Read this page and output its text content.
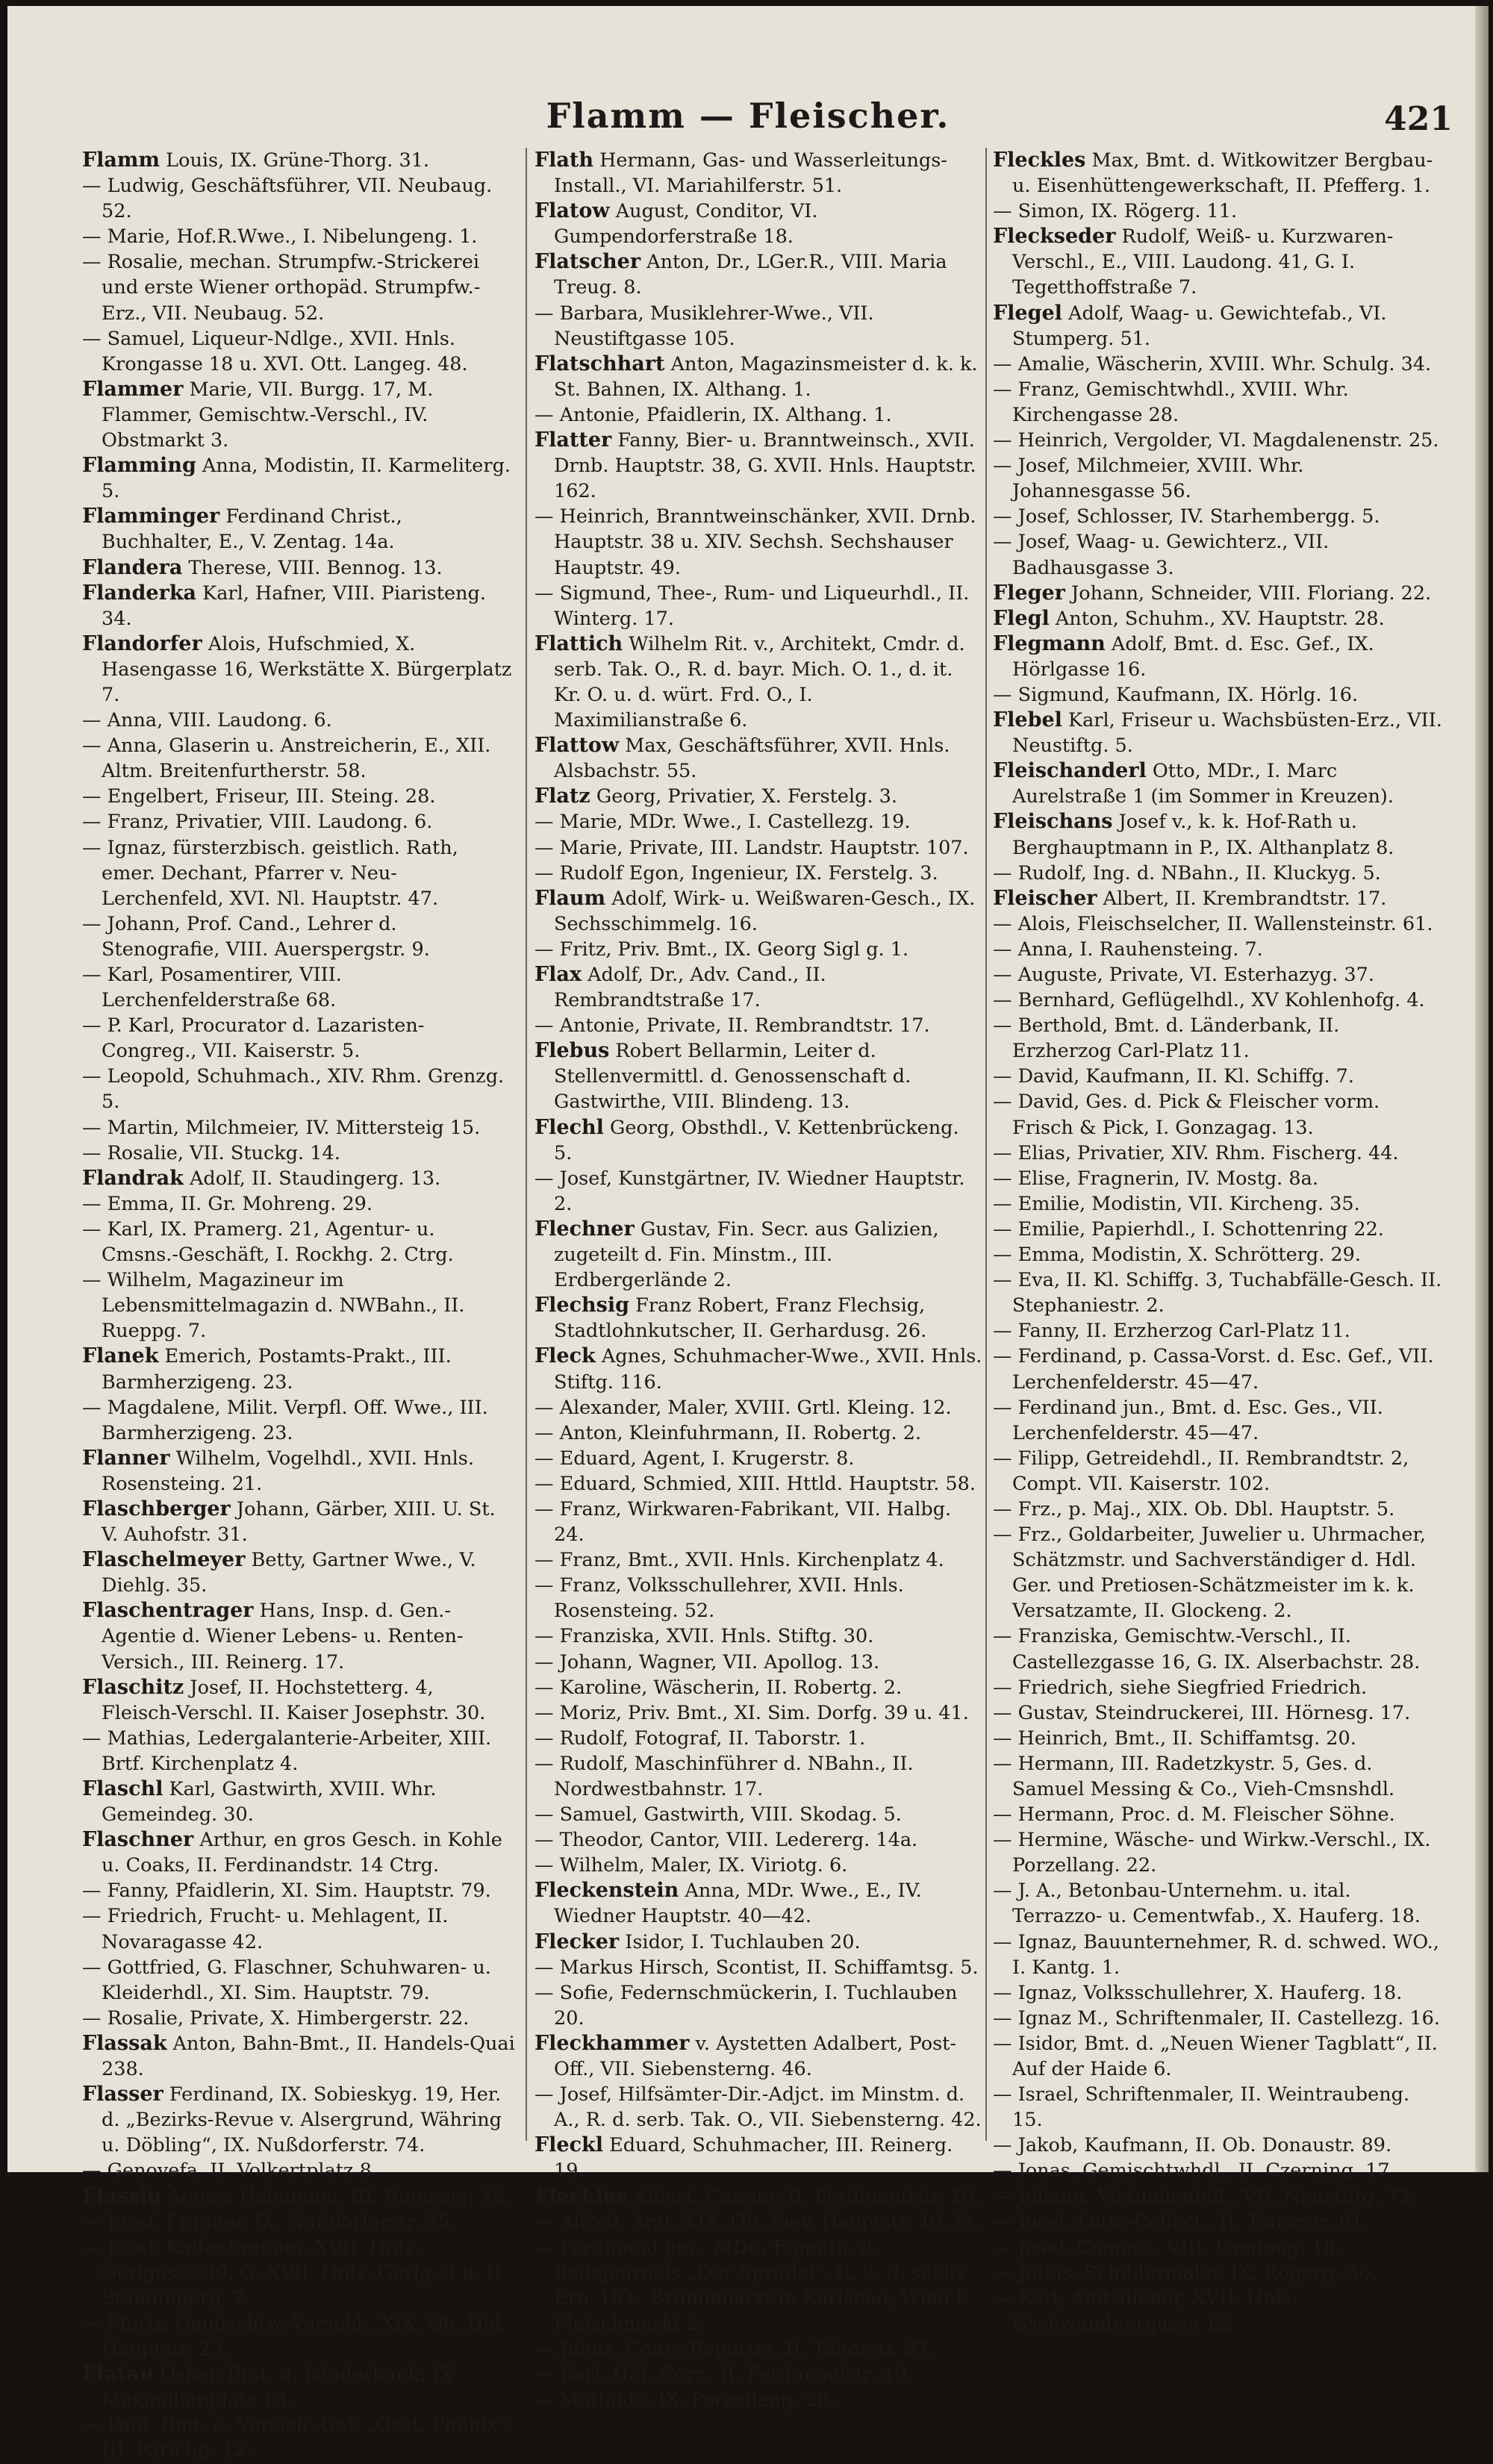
Flamm — Fleischer.	421

Flamm Louis, IX. Grüne-Thorg. 31.

— Ludwig, Geschäftsführer, VII. Neubaug. 52.

— Marie, Hof.R.Wwe., I. Nibelungeng. 1.

— Rosalie, mechan. Strumpfw.-Strickerei und erste Wiener orthopäd. Strumpfw.-Erz., VII. Neubaug. 52.

— Samuel, Liqueur-Ndlge., XVII. Hnls. Krongasse 18 u. XVI. Ott. Langeg. 48.

Flammer Marie, VII. Burgg. 17, M. Flammer, Gemischtw.-Verschl., IV. Obstmarkt 3.

Flamming Anna, Modistin, II. Karmeliterg. 5.

Flamminger Ferdinand Christ., Buchhalter, E., V. Zentag. 14a.

Flandera Therese, VIII. Bennog. 13.

Flanderka Karl, Hafner, VIII. Piaristeng. 34.

Flandorfer Alois, Hufschmied, X. Hasengasse 16, Werkstätte X. Bürgerplatz 7.

— Anna, VIII. Laudong. 6.

— Anna, Glaserin u. Anstreicherin, E., XII. Altm. Breitenfurtherstr. 58.

— Engelbert, Friseur, III. Steing. 28.

— Franz, Privatier, VIII. Laudong. 6.

— Ignaz, fürsterzbisch. geistlich. Rath, emer. Dechant, Pfarrer v. Neu-Lerchenfeld, XVI. Nl. Hauptstr. 47.

— Johann, Prof. Cand., Lehrer d. Stenografie, VIII. Auerspergstr. 9.

— Karl, Posamentirer, VIII. Lerchenfelderstraße 68.

— P. Karl, Procurator d. Lazaristen-Congreg., VII. Kaiserstr. 5.

— Leopold, Schuhmach., XIV. Rhm. Grenzg. 5.

— Martin, Milchmeier, IV. Mittersteig 15.

— Rosalie, VII. Stuckg. 14.

Flandrak Adolf, II. Staudingerg. 13.

— Emma, II. Gr. Mohreng. 29.

— Karl, IX. Pramerg. 21, Agentur- u. Cmsns.-Geschäft, I. Rockhg. 2. Ctrg.

— Wilhelm, Magazineur im Lebensmittelmagazin d. NWBahn., II. Rueppg. 7.

Flanek Emerich, Postamts-Prakt., III. Barmherzigeng. 23.

— Magdalene, Milit. Verpfl. Off. Wwe., III. Barmherzigeng. 23.

Flanner Wilhelm, Vogelhdl., XVII. Hnls. Rosensteing. 21.

Flaschberger Johann, Gärber, XIII. U. St. V. Auhofstr. 31.

Flaschelmeyer Betty, Gartner Wwe., V. Diehlg. 35.

Flaschentrager Hans, Insp. d. Gen.-Agentie d. Wiener Lebens- u. Renten-Versich., III. Reinerg. 17.

Flaschitz Josef, II. Hochstetterg. 4, Fleisch-Verschl. II. Kaiser Josephstr. 30.

— Mathias, Ledergalanterie-Arbeiter, XIII. Brtf. Kirchenplatz 4.

Flaschl Karl, Gastwirth, XVIII. Whr. Gemeindeg. 30.

Flaschner Arthur, en gros Gesch. in Kohle u. Coaks, II. Ferdinandstr. 14 Ctrg.

— Fanny, Pfaidlerin, XI. Sim. Hauptstr. 79.

— Friedrich, Frucht- u. Mehlagent, II. Novaragasse 42.

— Gottfried, G. Flaschner, Schuhwaren- u. Kleiderhdl., XI. Sim. Hauptstr. 79.

— Rosalie, Private, X. Himbergerstr. 22.

Flassak Anton, Bahn-Bmt., II. Handels-Quai 238.

Flasser Ferdinand, IX. Sobieskyg. 19, Her. d. „Bezirks-Revue v. Alsergrund, Währing u. Döbling“, IX. Nußdorferstr. 74.

— Genovefa, II. Volkertplatz 8.

Flassig Agnes, Hebamme, III. Rennweg 46.

— Josef, Fragner, IX. Nußdorferstr. 35.

— Josef, Kaffeebrenner, XVII. Hnls. Gerlgasse 39, G. XVII. Hnls. Gerlg. 3 u. II. Staudingerg. 7.

— Moriz, Gemischtw.-Verschl., XIX. Ob. Dbl. Hauptstr. 23.

Flatau Oskar, Bmt. d. Länderbank, IX. Maximilianplatz 13.

— Paul, Bmt. d. Versich.-Gef. „Oest. Phönix“, III. Parichg. 12.

Flath Hermann, Gas- und Wasserleitungs-Install., VI. Mariahilferstr. 51.

Flatow August, Conditor, VI. Gumpendorferstraße 18.

Flatscher Anton, Dr., LGer.R., VIII. Maria Treug. 8.

— Barbara, Musiklehrer-Wwe., VII. Neustiftgasse 105.

Flatschhart Anton, Magazinsmeister d. k. k. St. Bahnen, IX. Althang. 1.

— Antonie, Pfaidlerin, IX. Althang. 1.

Flatter Fanny, Bier- u. Branntweinsch., XVII. Drnb. Hauptstr. 38, G. XVII. Hnls. Hauptstr. 162.

— Heinrich, Branntweinschänker, XVII. Drnb. Hauptstr. 38 u. XIV. Sechsh. Sechshauser Hauptstr. 49.

— Sigmund, Thee-, Rum- und Liqueurhdl., II. Winterg. 17.

Flattich Wilhelm Rit. v., Architekt, Cmdr. d. serb. Tak. O., R. d. bayr. Mich. O. 1., d. it. Kr. O. u. d. würt. Frd. O., I. Maximilianstraße 6.

Flattow Max, Geschäftsführer, XVII. Hnls. Alsbachstr. 55.

Flatz Georg, Privatier, X. Ferstelg. 3.

— Marie, MDr. Wwe., I. Castellezg. 19.

— Marie, Private, III. Landstr. Hauptstr. 107.

— Rudolf Egon, Ingenieur, IX. Ferstelg. 3.

Flaum Adolf, Wirk- u. Weißwaren-Gesch., IX. Sechsschimmelg. 16.

— Fritz, Priv. Bmt., IX. Georg Sigl g. 1.

Flax Adolf, Dr., Adv. Cand., II. Rembrandtstraße 17.

— Antonie, Private, II. Rembrandtstr. 17.

Flebus Robert Bellarmin, Leiter d. Stellenvermittl. d. Genossenschaft d. Gastwirthe, VIII. Blindeng. 13.

Flechl Georg, Obsthdl., V. Kettenbrückeng. 5.

— Josef, Kunstgärtner, IV. Wiedner Hauptstr. 2.

Flechner Gustav, Fin. Secr. aus Galizien, zugeteilt d. Fin. Minstm., III. Erdbergerlände 2.

Flechsig Franz Robert, Franz Flechsig, Stadtlohnkutscher, II. Gerhardusg. 26.

Fleck Agnes, Schuhmacher-Wwe., XVII. Hnls. Stiftg. 116.

— Alexander, Maler, XVIII. Grtl. Kleing. 12.

— Anton, Kleinfuhrmann, II. Robertg. 2.

— Eduard, Agent, I. Krugerstr. 8.

— Eduard, Schmied, XIII. Httld. Hauptstr. 58.

— Franz, Wirkwaren-Fabrikant, VII. Halbg. 24.

— Franz, Bmt., XVII. Hnls. Kirchenplatz 4.

— Franz, Volksschullehrer, XVII. Hnls. Rosensteing. 52.

— Franziska, XVII. Hnls. Stiftg. 30.

— Johann, Wagner, VII. Apollog. 13.

— Karoline, Wäscherin, II. Robertg. 2.

— Moriz, Priv. Bmt., XI. Sim. Dorfg. 39 u. 41.

— Rudolf, Fotograf, II. Taborstr. 1.

— Rudolf, Maschinführer d. NBahn., II. Nordwestbahnstr. 17.

— Samuel, Gastwirth, VIII. Skodag. 5.

— Theodor, Cantor, VIII. Ledererg. 14a.

— Wilhelm, Maler, IX. Viriotg. 6.

Fleckenstein Anna, MDr. Wwe., E., IV. Wiedner Hauptstr. 40—42.

Flecker Isidor, I. Tuchlauben 20.

— Markus Hirsch, Scontist, II. Schiffamtsg. 5.

— Sofie, Federnschmückerin, I. Tuchlauben 20.

Fleckhammer v. Aystetten Adalbert, Post-Off., VII. Siebensterng. 46.

— Josef, Hilfsämter-Dir.-Adjct. im Minstm. d. A., R. d. serb. Tak. O., VII. Siebensterng. 42.

Fleckl Eduard, Schuhmacher, III. Reinerg. 19.

Fleckles Albert, Cassier, II. Ferdinandstr. 19.

— Alfred, Arzt, XIX. Ob. Siev. Hauptstr. 40. St.

— Ferdinand jun., MDr., Eigenth. d. Badejournals „Der Sprudel“, R. 2. d. sächs. Ern. HO., Brunnenarzt in Karlsbad, Wien I. Fleischmarkt 2.

— Julius, Cours-Reporter, II. Taborstr. 27.

— Karl, Hdl. Corr., II. Ferdinandstr. 19.

— Mathilde, IX. Porzellang. 26.

Fleckles Max, Bmt. d. Witkowitzer Bergbau- u. Eisenhüttengewerkschaft, II. Pfefferg. 1.

— Simon, IX. Rögerg. 11.

Fleckseder Rudolf, Weiß- u. Kurzwaren-Verschl., E., VIII. Laudong. 41, G. I. Tegetthoffstraße 7.

Flegel Adolf, Waag- u. Gewichtefab., VI. Stumperg. 51.

— Amalie, Wäscherin, XVIII. Whr. Schulg. 34.

— Franz, Gemischtwhdl., XVIII. Whr. Kirchengasse 28.

— Heinrich, Vergolder, VI. Magdalenenstr. 25.

— Josef, Milchmeier, XVIII. Whr. Johannesgasse 56.

— Josef, Schlosser, IV. Starhembergg. 5.

— Josef, Waag- u. Gewichterz., VII. Badhausgasse 3.

Fleger Johann, Schneider, VIII. Floriang. 22.

Flegl Anton, Schuhm., XV. Hauptstr. 28.

Flegmann Adolf, Bmt. d. Esc. Gef., IX. Hörlgasse 16.

— Sigmund, Kaufmann, IX. Hörlg. 16.

Flebel Karl, Friseur u. Wachsbüsten-Erz., VII. Neustiftg. 5.

Fleischanderl Otto, MDr., I. Marc Aurelstraße 1 (im Sommer in Kreuzen).

Fleischans Josef v., k. k. Hof-Rath u. Berghauptmann in P., IX. Althanplatz 8.

— Rudolf, Ing. d. NBahn., II. Kluckyg. 5.

Fleischer Albert, II. Krembrandtstr. 17.

— Alois, Fleischselcher, II. Wallensteinstr. 61.

— Anna, I. Rauhensteing. 7.

— Auguste, Private, VI. Esterhazyg. 37.

— Bernhard, Geflügelhdl., XV Kohlenhofg. 4.

— Berthold, Bmt. d. Länderbank, II. Erzherzog Carl-Platz 11.

— David, Kaufmann, II. Kl. Schiffg. 7.

— David, Ges. d. Pick & Fleischer vorm. Frisch & Pick, I. Gonzagag. 13.

— Elias, Privatier, XIV. Rhm. Fischerg. 44.

— Elise, Fragnerin, IV. Mostg. 8a.

— Emilie, Modistin, VII. Kircheng. 35.

— Emilie, Papierhdl., I. Schottenring 22.

— Emma, Modistin, X. Schrötterg. 29.

— Eva, II. Kl. Schiffg. 3, Tuchabfälle-Gesch. II. Stephaniestr. 2.

— Fanny, II. Erzherzog Carl-Platz 11.

— Ferdinand, p. Cassa-Vorst. d. Esc. Gef., VII. Lerchenfelderstr. 45—47.

— Ferdinand jun., Bmt. d. Esc. Ges., VII. Lerchenfelderstr. 45—47.

— Filipp, Getreidehdl., II. Rembrandtstr. 2, Compt. VII. Kaiserstr. 102.

— Frz., p. Maj., XIX. Ob. Dbl. Hauptstr. 5.

— Frz., Goldarbeiter, Juwelier u. Uhrmacher, Schätzmstr. und Sachverständiger d. Hdl. Ger. und Pretiosen-Schätzmeister im k. k. Versatzamte, II. Glockeng. 2.

— Franziska, Gemischtw.-Verschl., II. Castellezgasse 16, G. IX. Alserbachstr. 28.

— Friedrich, siehe Siegfried Friedrich.

— Gustav, Steindruckerei, III. Hörnesg. 17.

— Heinrich, Bmt., II. Schiffamtsg. 20.

— Hermann, III. Radetzkystr. 5, Ges. d. Samuel Messing & Co., Vieh-Cmsnshdl.

— Hermann, Proc. d. M. Fleischer Söhne.

— Hermine, Wäsche- und Wirkw.-Verschl., IX. Porzellang. 22.

— J. A., Betonbau-Unternehm. u. ital. Terrazzo- u. Cementwfab., X. Hauferg. 18.

— Ignaz, Bauunternehmer, R. d. schwed. WO., I. Kantg. 1.

— Ignaz, Volksschullehrer, X. Hauferg. 18.

— Ignaz M., Schriftenmaler, II. Castellezg. 16.

— Isidor, Bmt. d. „Neuen Wiener Tagblatt“, II. Auf der Haide 6.

— Israel, Schriftenmaler, II. Weintraubeng. 15.

— Jakob, Kaufmann, II. Ob. Donaustr. 89.

— Jonas, Gemischtwhdl., II. Czerning. 17.

— Johann, Victualienhdl., VII. Neustiftg. 73.

— Josef, Lotto-Collect., II. Taborstr. 61.

— Josef, Commis, VIII. Laudong. 18.

— Julius, Schildermaler, IX. Rögerg. 36.

— Karl, Amtsdiener, XVII. Hnls. Gschwandnergasse 12.
